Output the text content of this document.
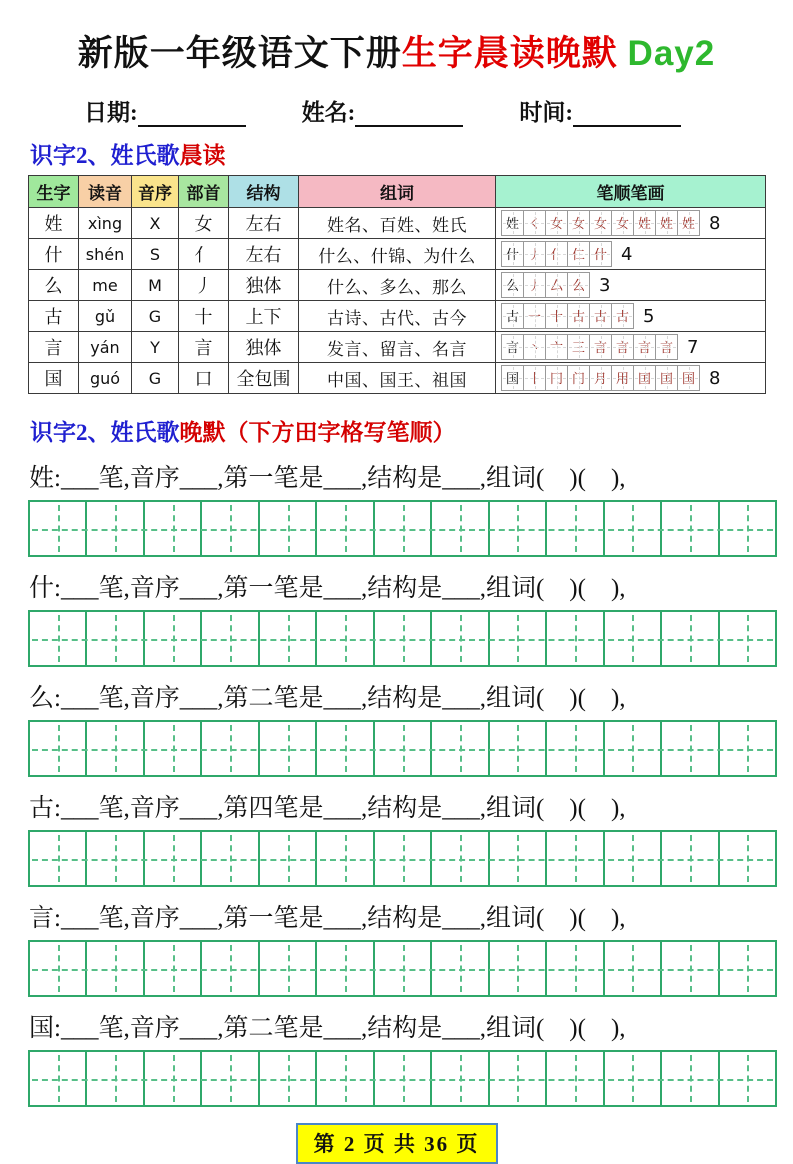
新版一年级语文下册生字晨读晚默 Day2
日期:	姓名:	时间:
识字2、姓氏歌晨读
生字	读音	音序	部首	结构	组词	笔顺笔画
姓	xìng	X	女	左右	姓名、百姓、姓氏	姓 く 女 女 女 女 姓 姓 姓 8
什	shén	S	亻	左右	什么、什锦、为什么	什 丿 亻 仁 什 4
么	me	M	丿	独体	什么、多么、那么	么 丿 厶 么 3
古	gǔ	G	十	上下	古诗、古代、古今	古 一 十 古 古 古 5
言	yán	Y	言	独体	发言、留言、名言	言 丶 亠 三 言 言 言 言 7
国	guó	G	口	全包围	中国、国王、祖国	国 丨 冂 门 月 用 囯 囯 国 8
识字2、姓氏歌晚默（下方田字格写笔顺）
姓:___笔,音序___,第一笔是___,结构是___,组词(    )(    ),
什:___笔,音序___,第一笔是___,结构是___,组词(    )(    ),
么:___笔,音序___,第二笔是___,结构是___,组词(    )(    ),
古:___笔,音序___,第四笔是___,结构是___,组词(    )(    ),
言:___笔,音序___,第一笔是___,结构是___,组词(    )(    ),
国:___笔,音序___,第二笔是___,结构是___,组词(    )(    ),
第 2 页 共 36 页
